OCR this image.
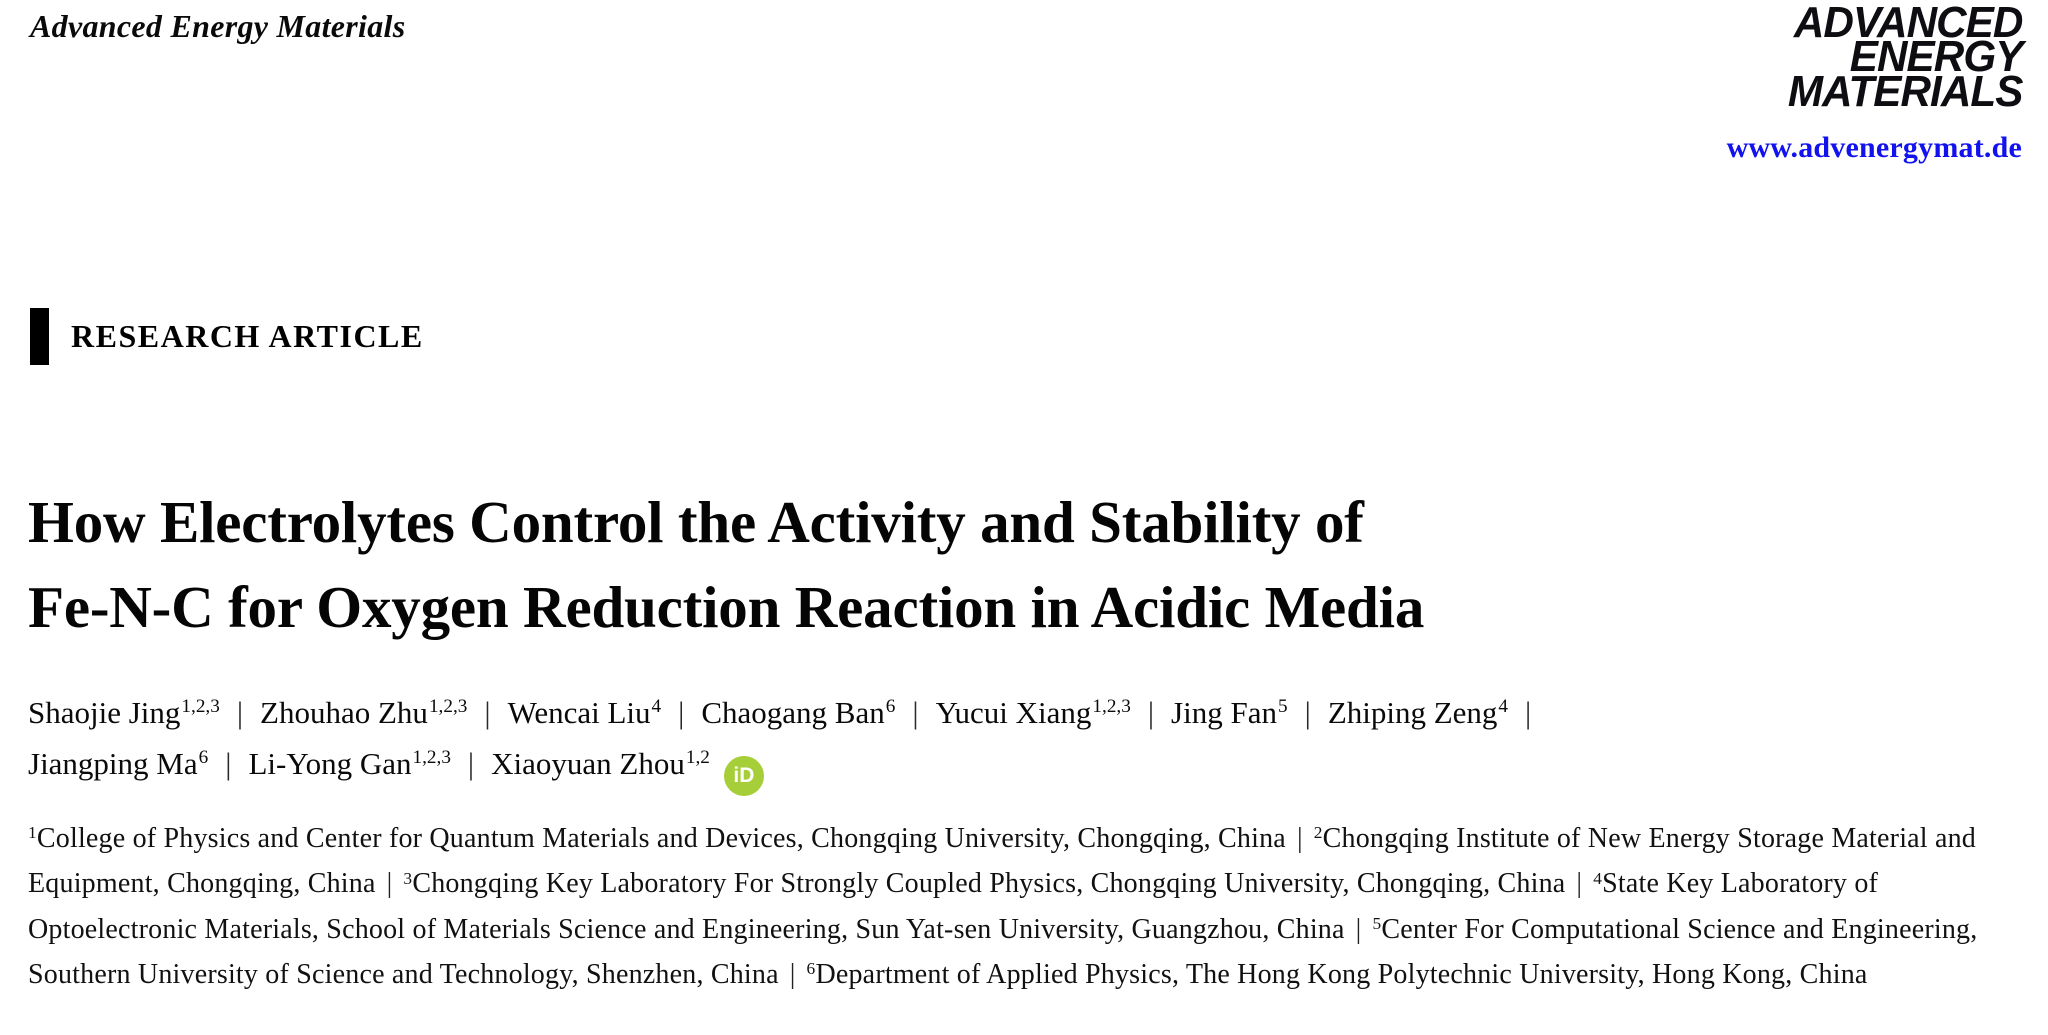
Advanced Energy Materials	ADVANCED
ENERGY
MATERIALS
www.advenergymat.de
RESEARCH ARTICLE
How Electrolytes Control the Activity and Stability of
Fe-N-C for Oxygen Reduction Reaction in Acidic Media
Shaojie Jing$^{1,2,3}$ | Zhouhao Zhu$^{1,2,3}$ | Wencai Liu$^4$ | Chaogang Ban$^6$ | Yucui Xiang$^{1,2,3}$ | Jing Fan$^5$ | Zhiping Zeng$^4$ |
Jiangping Ma$^6$ | Li-Yong Gan$^{1,2,3}$ | Xiaoyuan Zhou$^{1,2}$iD

$^1$College of Physics and Center for Quantum Materials and Devices, Chongqing University, Chongqing, China | $^2$Chongqing Institute of New Energy Storage Material and Equipment, Chongqing, China | $^3$Chongqing Key Laboratory For Strongly Coupled Physics, Chongqing University, Chongqing, China | $^4$State Key Laboratory of Optoelectronic Materials, School of Materials Science and Engineering, Sun Yat-sen University, Guangzhou, China | $^5$Center For Computational Science and Engineering, Southern University of Science and Technology, Shenzhen, China | $^6$Department of Applied Physics, The Hong Kong Polytechnic University, Hong Kong, China
